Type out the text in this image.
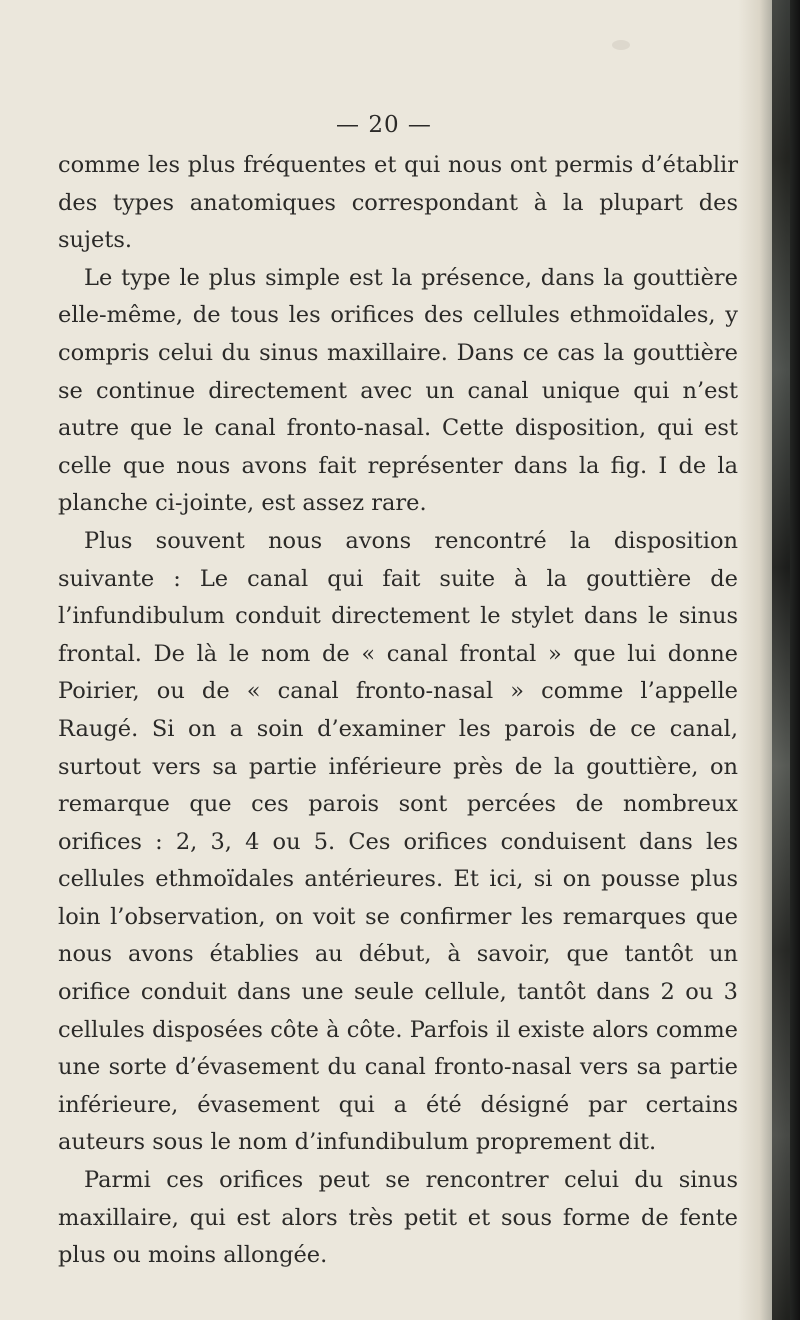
— 20 —

comme les plus fréquentes et qui nous ont permis d’établir des types anatomiques correspondant à la plupart des sujets.

Le type le plus simple est la présence, dans la gouttière elle-même, de tous les orifices des cellules ethmoïdales, y compris celui du sinus maxillaire. Dans ce cas la gouttière se continue directement avec un canal unique qui n’est autre que le canal fronto-nasal. Cette disposition, qui est celle que nous avons fait représenter dans la fig. I de la planche ci-jointe, est assez rare.

Plus souvent nous avons rencontré la disposition suivante : Le canal qui fait suite à la gouttière de l’infundibulum conduit directement le stylet dans le sinus frontal. De là le nom de « canal frontal » que lui donne Poirier, ou de « canal fronto-nasal » comme l’appelle Raugé. Si on a soin d’examiner les parois de ce canal, surtout vers sa partie inférieure près de la gouttière, on remarque que ces parois sont percées de nombreux orifices : 2, 3, 4 ou 5. Ces orifices conduisent dans les cellules ethmoïdales antérieures. Et ici, si on pousse plus loin l’observation, on voit se confirmer les remarques que nous avons établies au début, à savoir, que tantôt un orifice conduit dans une seule cellule, tantôt dans 2 ou 3 cellules disposées côte à côte. Parfois il existe alors comme une sorte d’évasement du canal fronto-nasal vers sa partie inférieure, évasement qui a été désigné par certains auteurs sous le nom d’infundibulum proprement dit.

Parmi ces orifices peut se rencontrer celui du sinus maxillaire, qui est alors très petit et sous forme de fente plus ou moins allongée.
